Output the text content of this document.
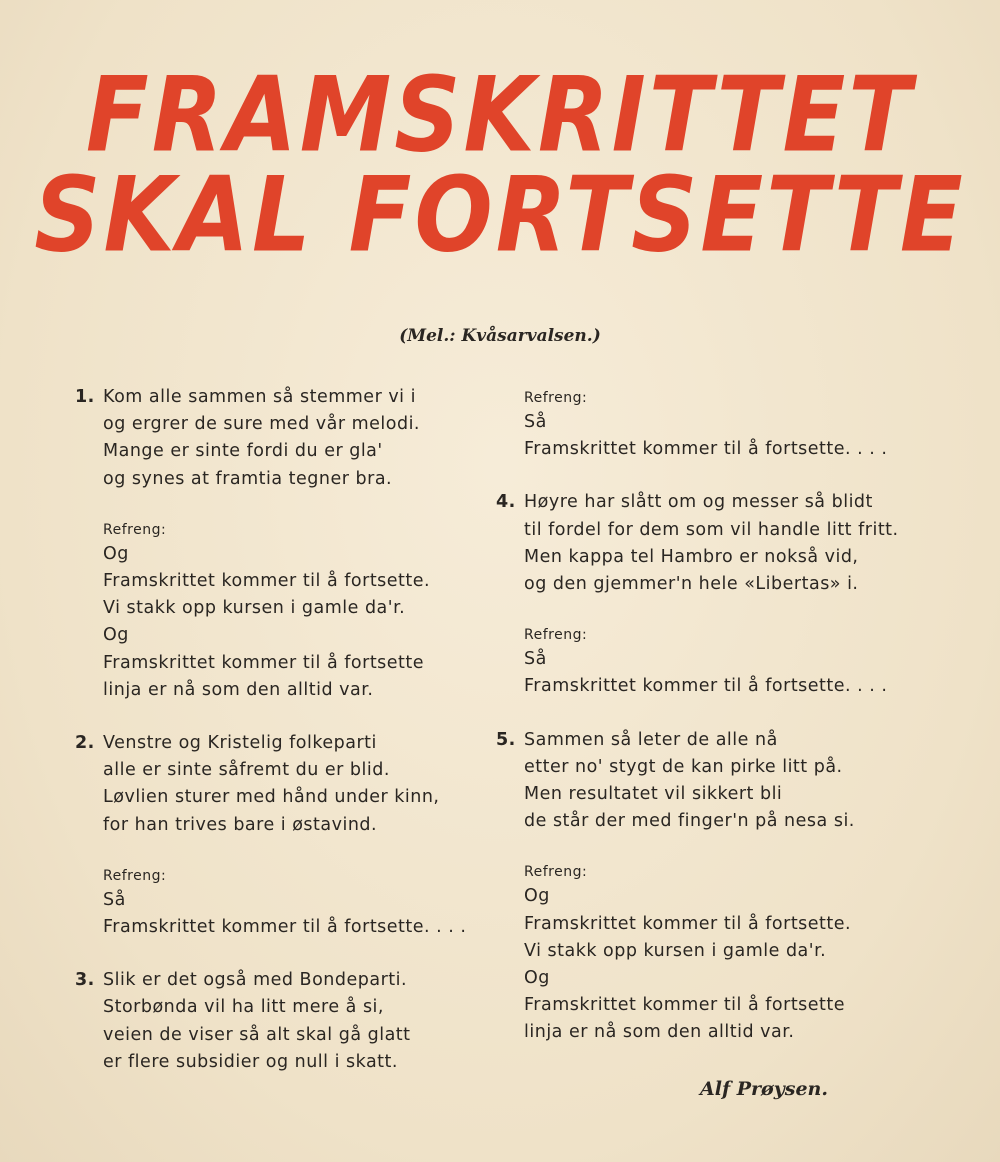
FRAMSKRITTET
SKAL FORTSETTE
(Mel.: Kvåsarvalsen.)
1. Kom alle sammen så stemmer vi i
og ergrer de sure med vår melodi.
Mange er sinte fordi du er gla'
og synes at framtia tegner bra.
Refreng:
Og
Framskrittet kommer til å fortsette.
Vi stakk opp kursen i gamle da'r.
Og
Framskrittet kommer til å fortsette
linja er nå som den alltid var.
2. Venstre og Kristelig folkeparti
alle er sinte såfremt du er blid.
Løvlien sturer med hånd under kinn,
for han trives bare i østavind.
Refreng:
Så
Framskrittet kommer til å fortsette. . . .
3. Slik er det også med Bondeparti.
Storbønda vil ha litt mere å si,
veien de viser så alt skal gå glatt
er flere subsidier og null i skatt.
Refreng:
Så
Framskrittet kommer til å fortsette. . . .
4. Høyre har slått om og messer så blidt
til fordel for dem som vil handle litt fritt.
Men kappa tel Hambro er nokså vid,
og den gjemmer'n hele «Libertas» i.
Refreng:
Så
Framskrittet kommer til å fortsette. . . .
5. Sammen så leter de alle nå
etter no' stygt de kan pirke litt på.
Men resultatet vil sikkert bli
de står der med finger'n på nesa si.
Refreng:
Og
Framskrittet kommer til å fortsette.
Vi stakk opp kursen i gamle da'r.
Og
Framskrittet kommer til å fortsette
linja er nå som den alltid var.
Alf Prøysen.
